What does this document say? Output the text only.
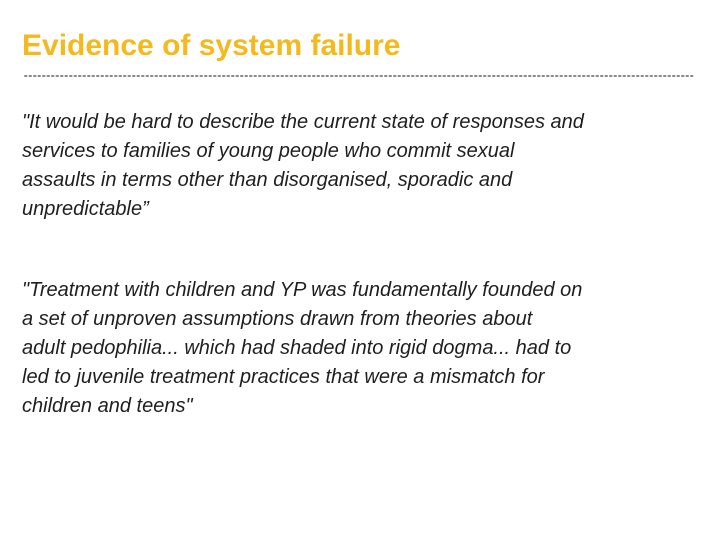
Evidence of system failure

"It would be hard to describe the current state of responses and
services to families of young people who commit sexual
assaults in terms other than disorganised, sporadic and
unpredictable”

"Treatment with children and YP was fundamentally founded on
a set of unproven assumptions drawn from theories about
adult pedophilia... which had shaded into rigid dogma... had to
led to juvenile treatment practices that were a mismatch for
children and teens"
